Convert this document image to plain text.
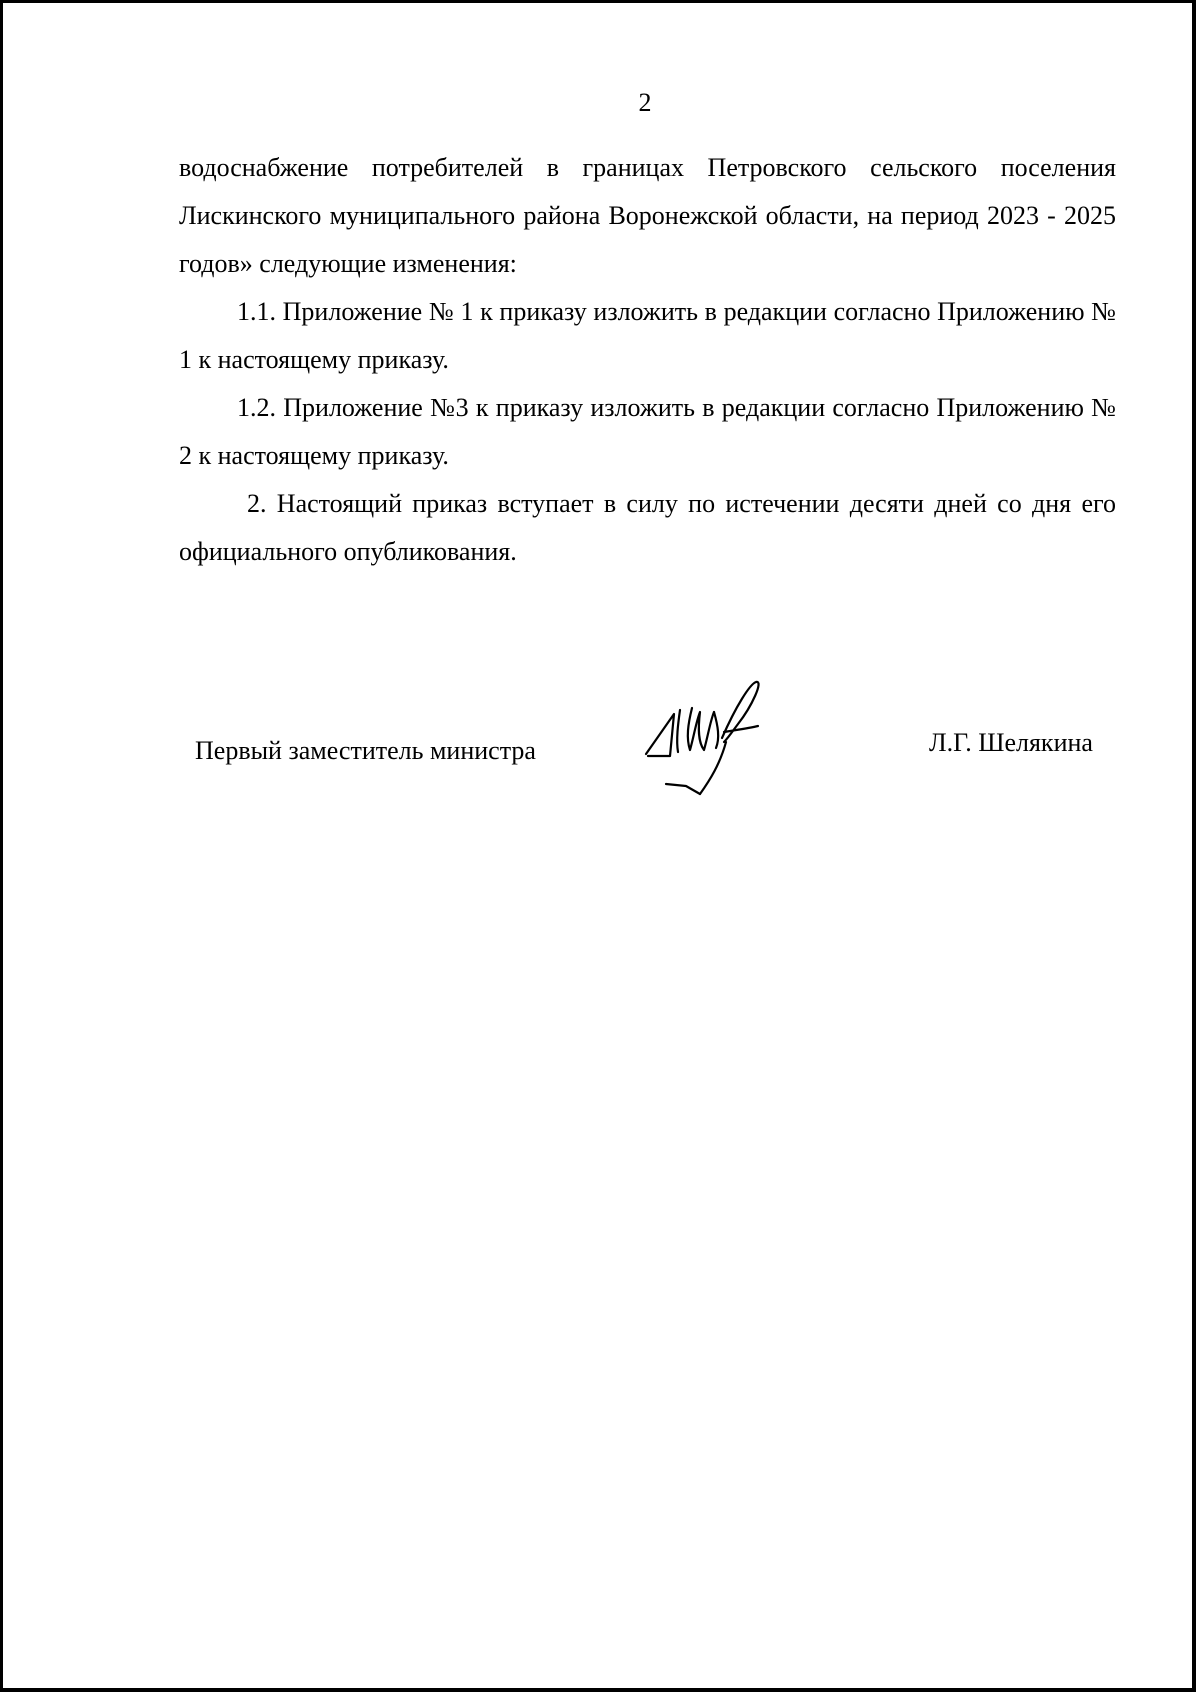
2

водоснабжение потребителей в границах Петровского сельского поселения Лискинского муниципального района Воронежской области, на период 2023 - 2025 годов» следующие изменения:

1.1. Приложение № 1 к приказу изложить в редакции согласно Приложению № 1 к настоящему приказу.

1.2. Приложение №3 к приказу изложить в редакции согласно Приложению № 2 к настоящему приказу.

2. Настоящий приказ вступает в силу по истечении десяти дней со дня его официального опубликования.

Первый заместитель министра	Л.Г. Шелякина
